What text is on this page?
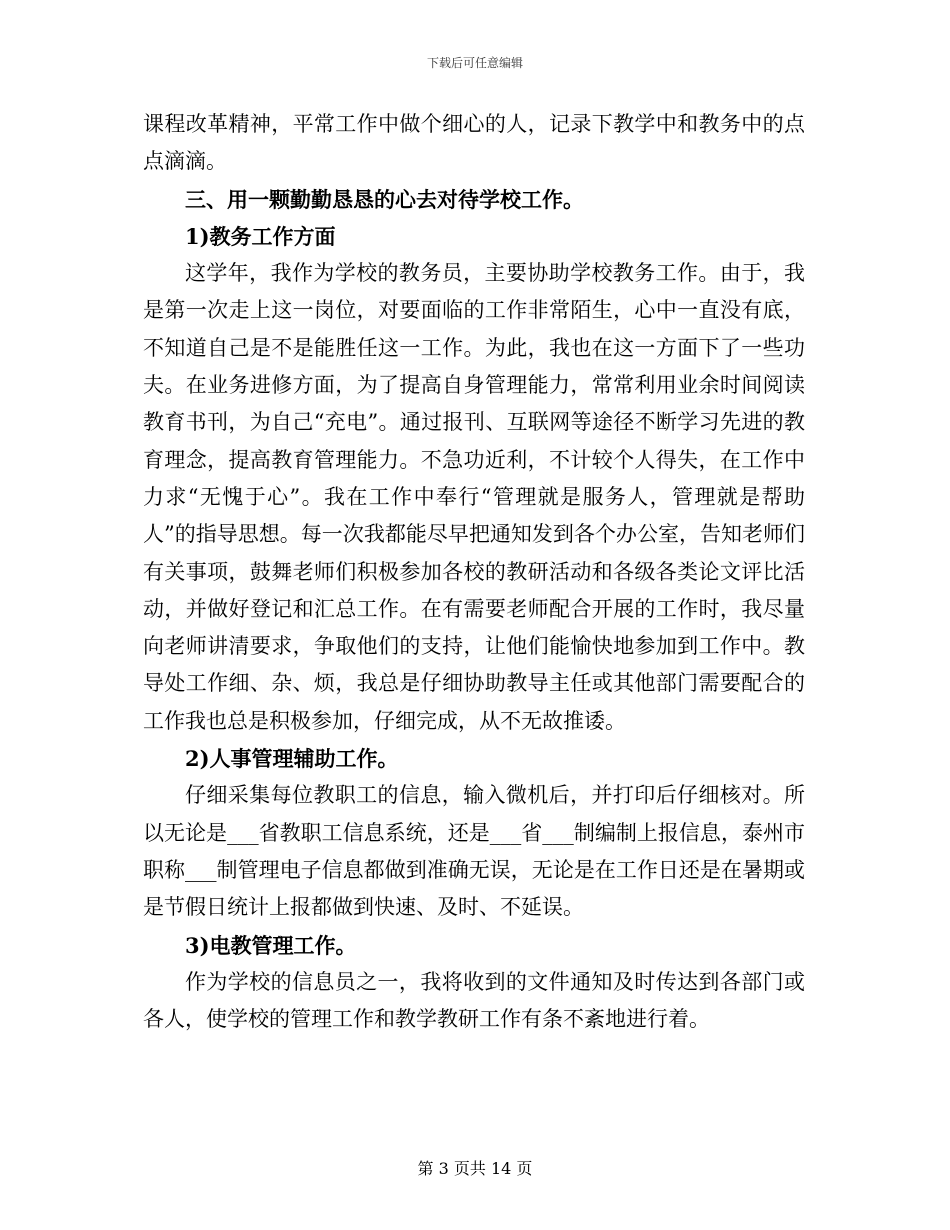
下载后可任意编辑

课程改革精神，平常工作中做个细心的人，记录下教学中和教务中的点点滴滴。

三、用一颗勤勤恳恳的心去对待学校工作。

1)教务工作方面

这学年，我作为学校的教务员，主要协助学校教务工作。由于，我是第一次走上这一岗位，对要面临的工作非常陌生，心中一直没有底，不知道自己是不是能胜任这一工作。为此，我也在这一方面下了一些功夫。在业务进修方面，为了提高自身管理能力，常常利用业余时间阅读教育书刊，为自己“充电”。通过报刊、互联网等途径不断学习先进的教育理念，提高教育管理能力。不急功近利，不计较个人得失，在工作中力求“无愧于心”。我在工作中奉行“管理就是服务人，管理就是帮助人”的指导思想。每一次我都能尽早把通知发到各个办公室，告知老师们有关事项，鼓舞老师们积极参加各校的教研活动和各级各类论文评比活动，并做好登记和汇总工作。在有需要老师配合开展的工作时，我尽量向老师讲清要求，争取他们的支持，让他们能愉快地参加到工作中。教导处工作细、杂、烦，我总是仔细协助教导主任或其他部门需要配合的工作我也总是积极参加，仔细完成，从不无故推诿。

2)人事管理辅助工作。

仔细采集每位教职工的信息，输入微机后，并打印后仔细核对。所以无论是___省教职工信息系统，还是___省___制编制上报信息，泰州市职称___制管理电子信息都做到准确无误，无论是在工作日还是在暑期或是节假日统计上报都做到快速、及时、不延误。

3)电教管理工作。

作为学校的信息员之一，我将收到的文件通知及时传达到各部门或各人，使学校的管理工作和教学教研工作有条不紊地进行着。

第 3 页共 14 页
